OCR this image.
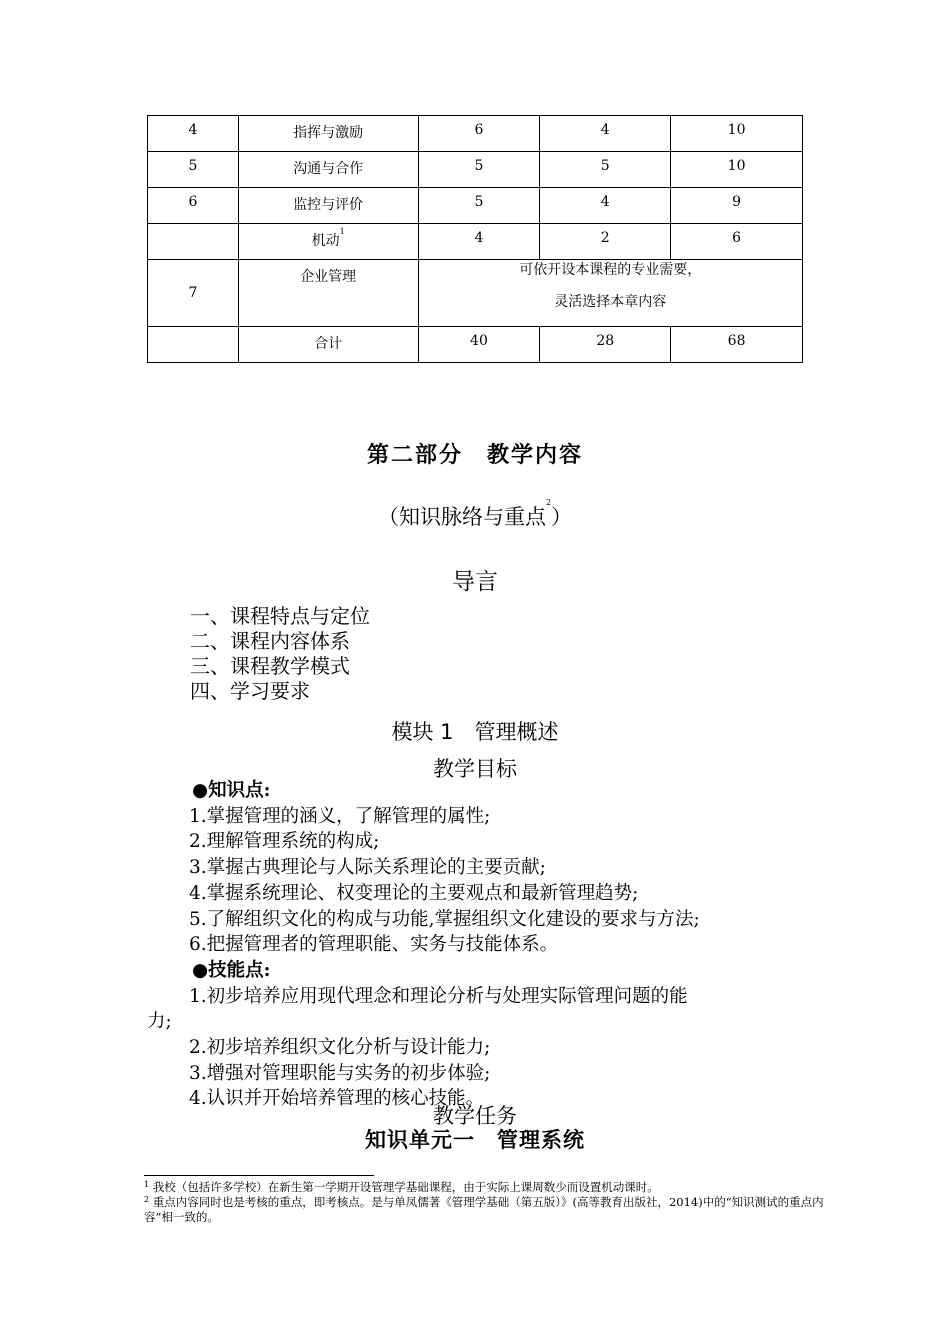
4	指挥与激励	6	4	10
5	沟通与合作	5	5	10
6	监控与评价	5	4	9
	机动$^1$	4	2	6
7	企业管理	可依开设本课程的专业需要，
灵活选择本章内容		

	合计	40	28	68
第二部分　教学内容
（知识脉络与重点$^2$）
导言
一、课程特点与定位
二、课程内容体系
三、课程教学模式
四、学习要求
模块 1　管理概述
教学目标
●知识点:
1.掌握管理的涵义，了解管理的属性;
2.理解管理系统的构成;
3.掌握古典理论与人际关系理论的主要贡献;
4.掌握系统理论、权变理论的主要观点和最新管理趋势;
5.了解组织文化的构成与功能,掌握组织文化建设的要求与方法;
6.把握管理者的管理职能、实务与技能体系。
●技能点:
1.初步培养应用现代理念和理论分析与处理实际管理问题的能
力;
2.初步培养组织文化分析与设计能力;
3.增强对管理职能与实务的初步体验;
4.认识并开始培养管理的核心技能。
教学任务
知识单元一　管理系统
$^1$ 我校（包括许多学校）在新生第一学期开设管理学基础课程，由于实际上课周数少而设置机动课时。
$^2$ 重点内容同时也是考核的重点，即考核点。是与单凤儒著《管理学基础（第五版）》(高等教育出版社，2014)中的“知识测试的重点内容”相一致的。
